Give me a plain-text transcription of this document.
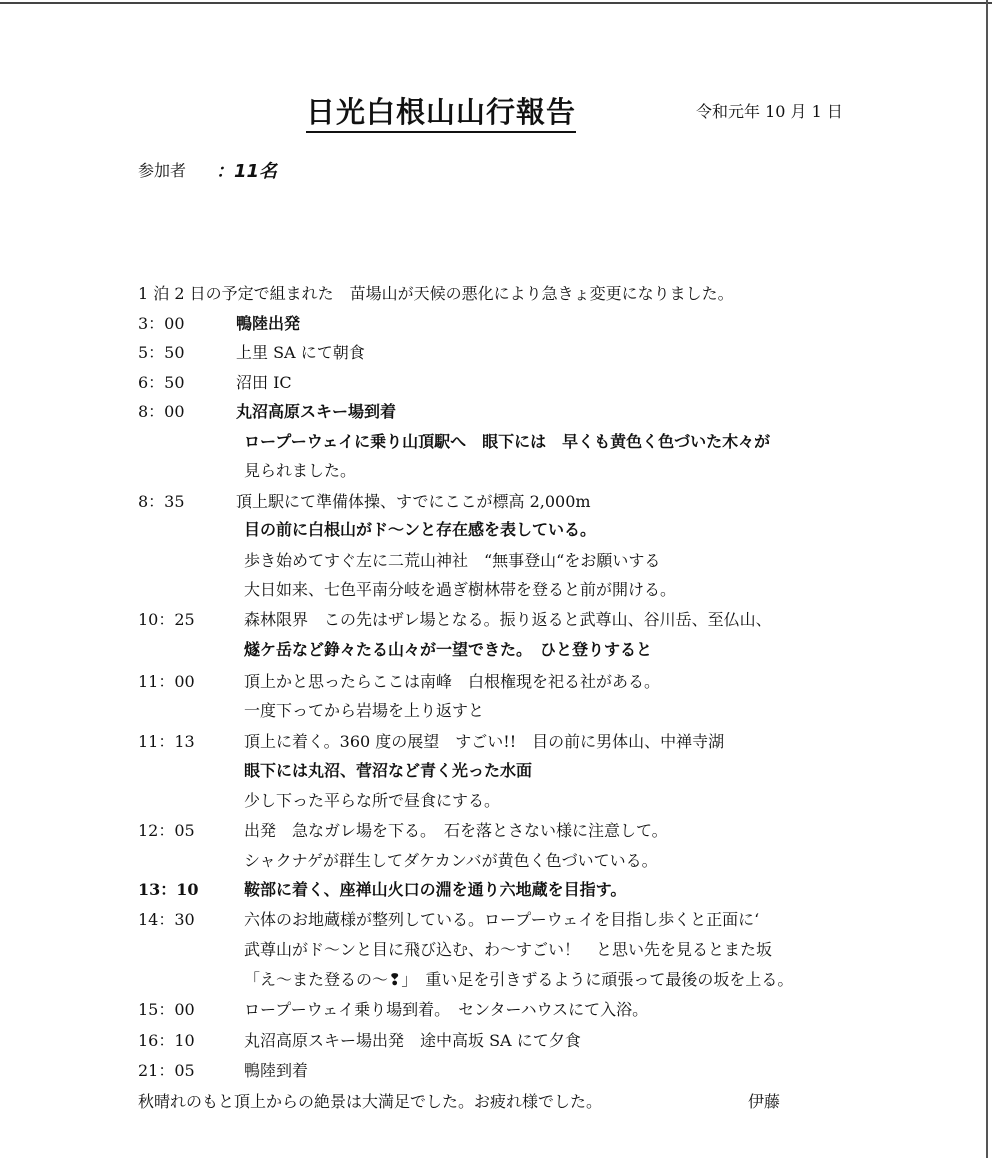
日光白根山山行報告	令和元年 10 月 1 日
参加者 ：11名
1 泊 2 日の予定で組まれた　苗場山が天候の悪化により急きょ変更になりました。
3：00	鴨陸出発
5：50	上里 SA にて朝食
6：50	沼田 IC
8：00	丸沼高原スキー場到着
ロープーウェイに乗り山頂駅へ　眼下には　早くも黄色く色づいた木々が
見られました。
8：35	頂上駅にて準備体操、すでにここが標高 2,000m
目の前に白根山がド～ンと存在感を表している。
歩き始めてすぐ左に二荒山神社　“無事登山“をお願いする
大日如来、七色平南分岐を過ぎ樹林帯を登ると前が開ける。
10：25	森林限界　この先はザレ場となる。振り返ると武尊山、谷川岳、至仏山、
燧ケ岳など錚々たる山々が一望できた。　ひと登りすると
11：00	頂上かと思ったらここは南峰　白根権現を祀る社がある。
一度下ってから岩場を上り返すと
11：13	頂上に着く。360 度の展望　すごい!!　目の前に男体山、中禅寺湖
眼下には丸沼、菅沼など青く光った水面
少し下った平らな所で昼食にする。
12：05	出発　急なガレ場を下る。　石を落とさない様に注意して。
シャクナゲが群生してダケカンバが黄色く色づいている。
13：10	鞍部に着く、座禅山火口の淵を通り六地蔵を目指す。
14：30	六体のお地蔵様が整列している。ロープーウェイを目指し歩くと正面に‘
武尊山がド～ンと目に飛び込む、わ～すごい！　と思い先を見るとまた坂
「え～また登るの～❢」　重い足を引きずるように頑張って最後の坂を上る。
15：00	ロープーウェイ乗り場到着。　センターハウスにて入浴。
16：10	丸沼高原スキー場出発　途中高坂 SA にて夕食
21：05	鴨陸到着
秋晴れのもと頂上からの絶景は大満足でした。お疲れ様でした。	伊藤
